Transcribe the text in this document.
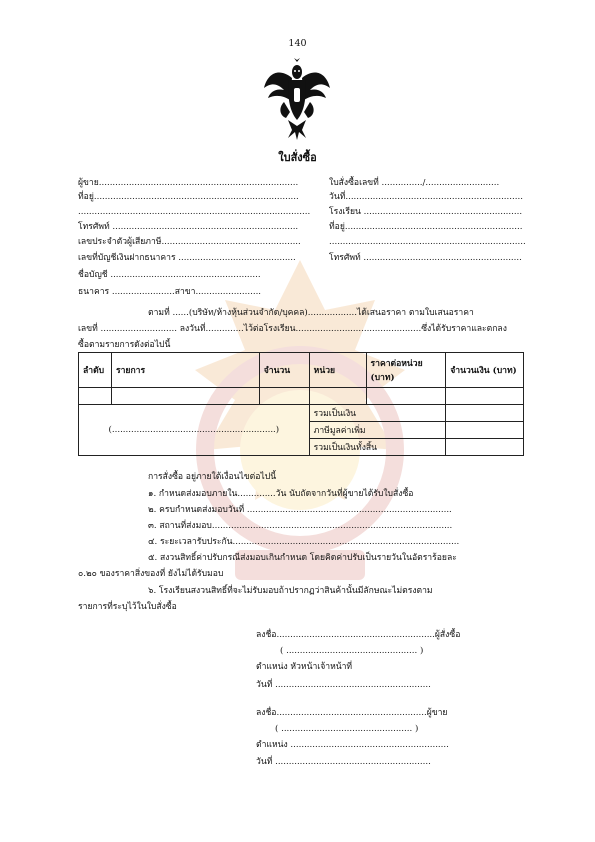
140
ใบสั่งซื้อ
ผู้ขาย.........................................................................
ที่อยู่...........................................................................
.....................................................................................
โทรศัพท์ ....................................................................
เลขประจำตัวผู้เสียภาษี...................................................
เลขที่บัญชีเงินฝากธนาคาร ...........................................
ชื่อบัญชี .......................................................
ธนาคาร .......................สาขา........................
ใบสั่งซื้อเลขที่ .............../...........................
วันที่.................................................................
โรงเรียน ..........................................................
ที่อยู่.................................................................
........................................................................
โทรศัพท์ ..........................................................
ตามที่ ......(บริษัท/ห้างหุ้นส่วนจำกัด/บุคคล)..................ได้เสนอราคา ตามใบเสนอราคา
เลขที่ ............................ ลงวันที่..............ไว้ต่อโรงเรียน..............................................ซึ่งได้รับราคาและตกลง
ซื้อตามรายการดังต่อไปนี้
ลำดับ	รายการ	จำนวน	หน่วย	ราคาต่อหน่วย (บาท)	จำนวนเงิน (บาท)

(............................................................)			รวมเป็นเงิน		
			ภาษีมูลค่าเพิ่ม		
			รวมเป็นเงินทั้งสิ้น		
การสั่งซื้อ อยู่ภายใต้เงื่อนไขต่อไปนี้
๑. กำหนดส่งมอบภายใน..............วัน นับถัดจากวันที่ผู้ขายได้รับใบสั่งซื้อ
๒. ครบกำหนดส่งมอบวันที่ ...........................................................................
๓. สถานที่ส่งมอบ........................................................................................
๔. ระยะเวลารับประกัน...................................................................................
๕. สงวนสิทธิ์ค่าปรับกรณีส่งมอบเกินกำหนด โดยคิดค่าปรับเป็นรายวันในอัตราร้อยละ
๐.๒๐ ของราคาสิ่งของที่ ยังไม่ได้รับมอบ
๖. โรงเรียนสงวนสิทธิ์ที่จะไม่รับมอบถ้าปรากฏว่าสินค้านั้นมีลักษณะไม่ตรงตาม
รายการที่ระบุไว้ในใบสั่งซื้อ
ลงชื่อ..........................................................ผู้สั่งซื้อ
( ................................................ )
ตำแหน่ง หัวหน้าเจ้าหน้าที่
วันที่ .........................................................
ลงชื่อ.......................................................ผู้ขาย
( ................................................ )
ตำแหน่ง ..........................................................
วันที่ .........................................................
